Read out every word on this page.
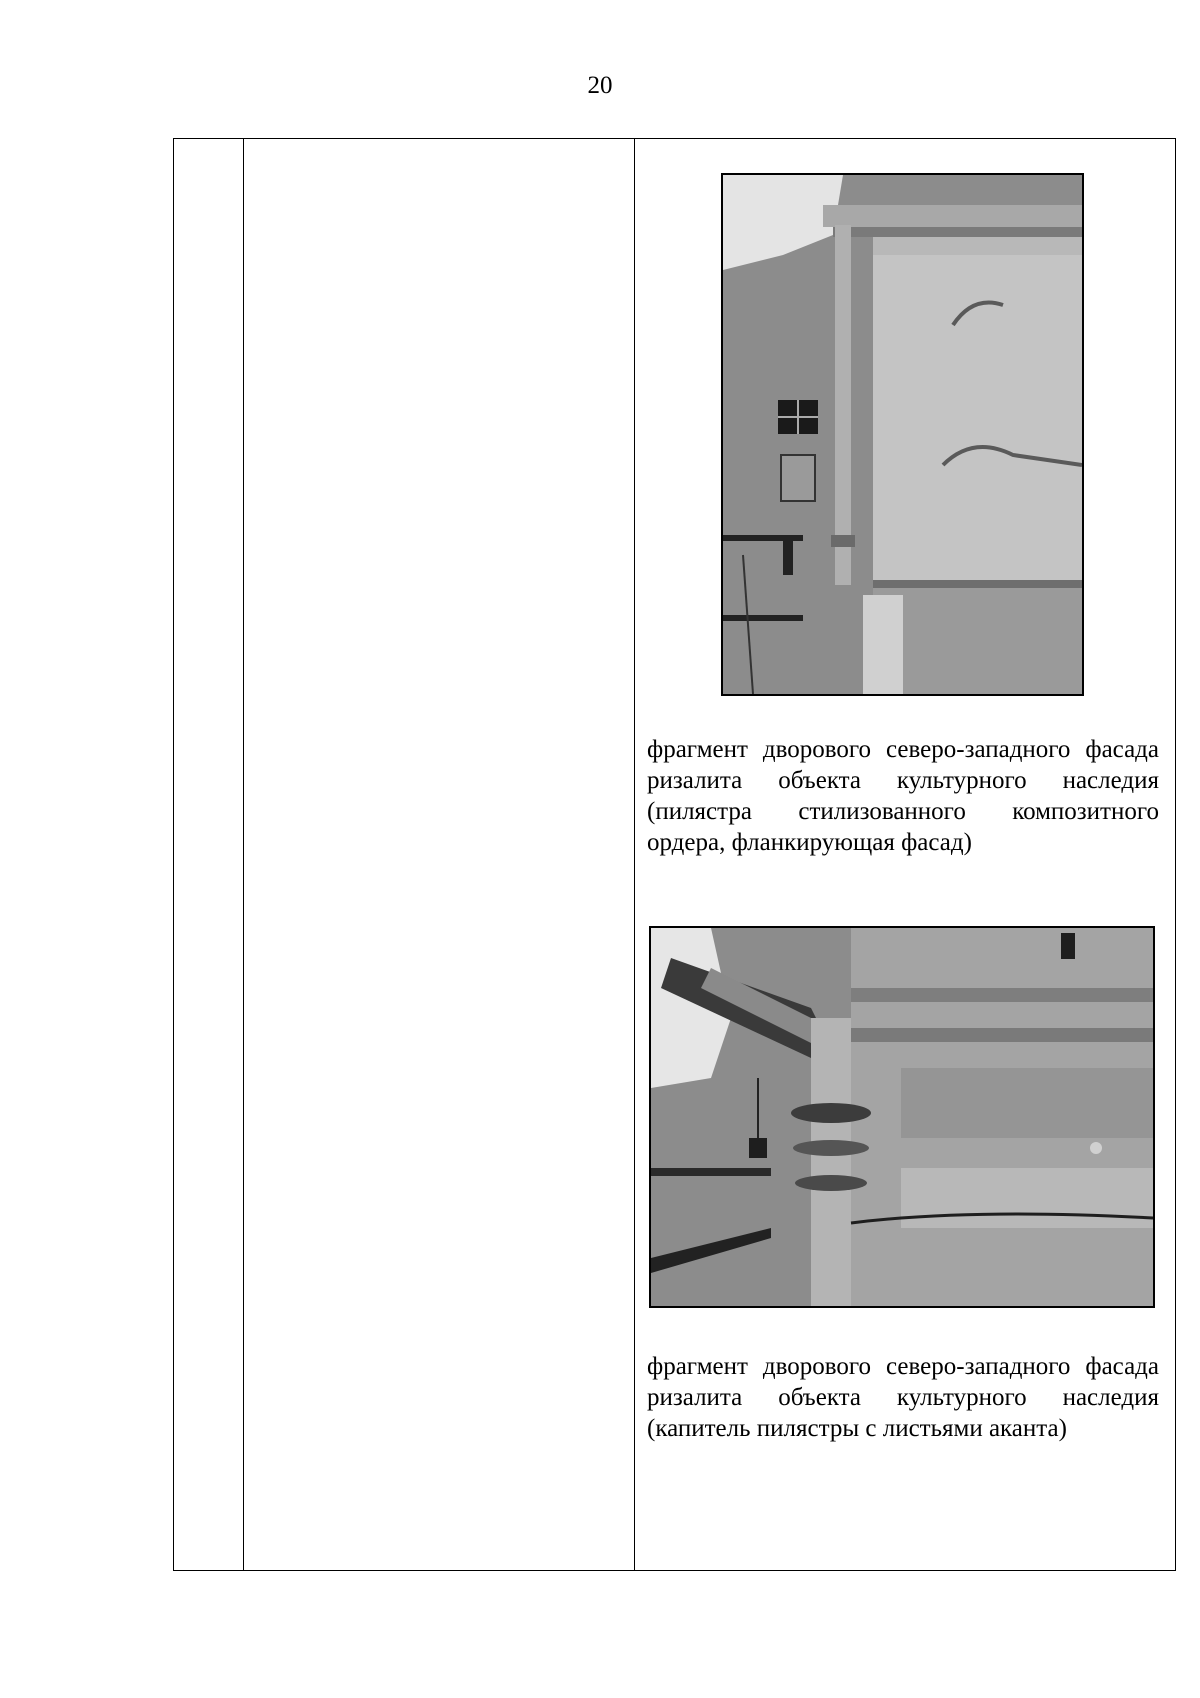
20
фрагмент дворового северо-западного фасада ризалита объекта культурного наследия (пилястра стилизованного композитного ордера, фланкирующая фасад)
фрагмент дворового северо-западного фасада ризалита объекта культурного наследия (капитель пилястры с листьями аканта)
